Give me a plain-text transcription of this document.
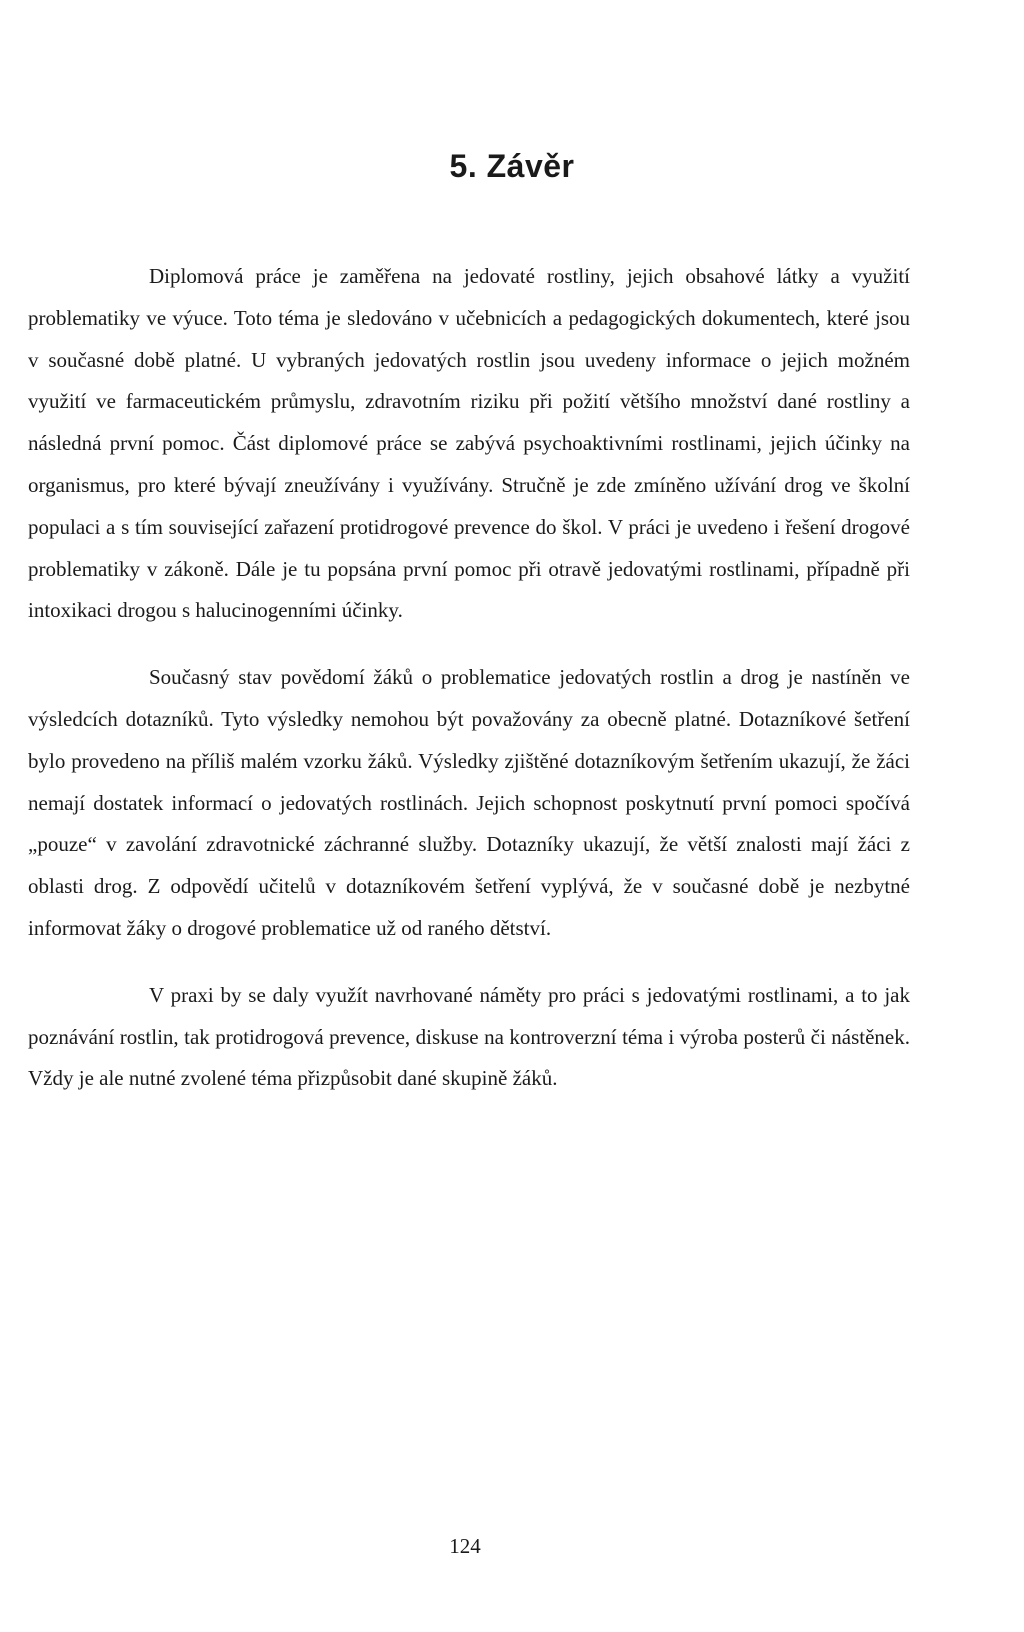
5. Závěr

Diplomová práce je zaměřena na jedovaté rostliny, jejich obsahové látky a využití problematiky ve výuce. Toto téma je sledováno v učebnicích a pedagogických dokumentech, které jsou v současné době platné. U vybraných jedovatých rostlin jsou uvedeny informace o jejich možném využití ve farmaceutickém průmyslu, zdravotním riziku při požití většího množství dané rostliny a následná první pomoc. Část diplomové práce se zabývá psychoaktivními rostlinami, jejich účinky na organismus, pro které bývají zneužívány i využívány. Stručně je zde zmíněno užívání drog ve školní populaci a s tím související zařazení protidrogové prevence do škol. V práci je uvedeno i řešení drogové problematiky v zákoně. Dále je tu popsána první pomoc při otravě jedovatými rostlinami, případně při intoxikaci drogou s halucinogenními účinky.

Současný stav povědomí žáků o problematice jedovatých rostlin a drog je nastíněn ve výsledcích dotazníků. Tyto výsledky nemohou být považovány za obecně platné. Dotazníkové šetření bylo provedeno na příliš malém vzorku žáků. Výsledky zjištěné dotazníkovým šetřením ukazují, že žáci nemají dostatek informací o jedovatých rostlinách. Jejich schopnost poskytnutí první pomoci spočívá „pouze“ v zavolání zdravotnické záchranné služby. Dotazníky ukazují, že větší znalosti mají žáci z oblasti drog. Z odpovědí učitelů v dotazníkovém šetření vyplývá, že v současné době je nezbytné informovat žáky o drogové problematice už od raného dětství.

V praxi by se daly využít navrhované náměty pro práci s jedovatými rostlinami, a to jak poznávání rostlin, tak protidrogová prevence, diskuse na kontroverzní téma i výroba posterů či nástěnek. Vždy je ale nutné zvolené téma přizpůsobit dané skupině žáků.

124
